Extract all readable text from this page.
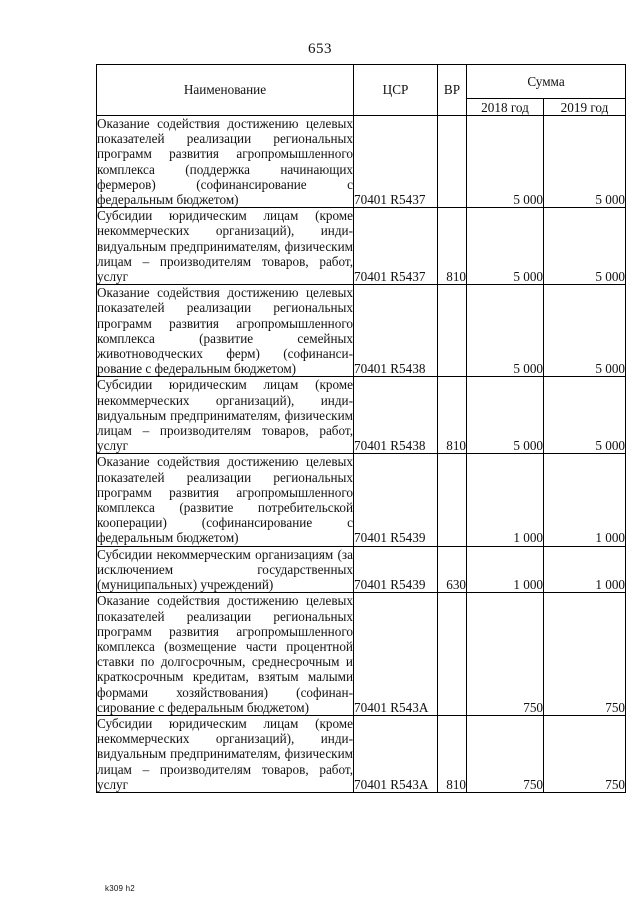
653
Наименование	ЦСР	ВР	Сумма	
			2018 год	2019 год
Оказание содействия достижению целевых показателей реализации региональных программ развития агропромышленного комплекса (поддержка начинающих фермеров) (софинансирование с федеральным бюджетом)	70401 R5437		5 000	5 000
Субсидии юридическим лицам (кроме некоммерческих организаций), индивидуальным предпринимателям, физическим лицам – производителям товаров, работ, услуг	70401 R5437	810	5 000	5 000
Оказание содействия достижению целевых показателей реализации региональных программ развития агропромышленного комплекса (развитие семейных животноводческих ферм) (софинансирование с федеральным бюджетом)	70401 R5438		5 000	5 000
Субсидии юридическим лицам (кроме некоммерческих организаций), индивидуальным предпринимателям, физическим лицам – производителям товаров, работ, услуг	70401 R5438	810	5 000	5 000
Оказание содействия достижению целевых показателей реализации региональных программ развития агропромышленного комплекса (развитие потребительской кооперации) (софинансирование с федеральным бюджетом)	70401 R5439		1 000	1 000
Субсидии некоммерческим организациям (за исключением государственных (муниципальных) учреждений)	70401 R5439	630	1 000	1 000
Оказание содействия достижению целевых показателей реализации региональных программ развития агропромышленного комплекса (возмещение части процентной ставки по долгосрочным, среднесрочным и краткосрочным кредитам, взятым малыми формами хозяйствования) (софинансирование с федеральным бюджетом)	70401 R543A		750	750
Субсидии юридическим лицам (кроме некоммерческих организаций), индивидуальным предпринимателям, физическим лицам – производителям товаров, работ, услуг	70401 R543A	810	750	750
k309 h2
